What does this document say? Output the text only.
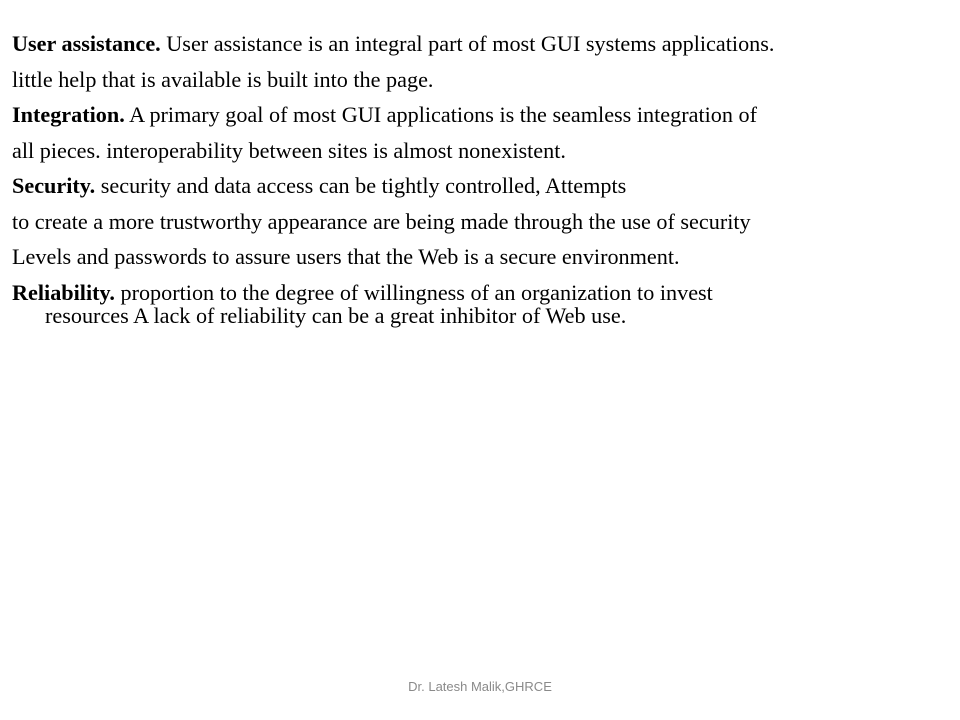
User assistance. User assistance is an integral part of most GUI systems applications.
little help that is available is built into the page.
Integration. A primary goal of most GUI applications is the seamless integration of
all pieces. interoperability between sites is almost nonexistent.
Security. security and data access can be tightly controlled, Attempts
to create a more trustworthy appearance are being made through the use of security
Levels and passwords to assure users that the Web is a secure environment.
Reliability. proportion to the degree of willingness of an organization to invest
resources A lack of reliability can be a great inhibitor of Web use.
Dr. Latesh Malik,GHRCE
